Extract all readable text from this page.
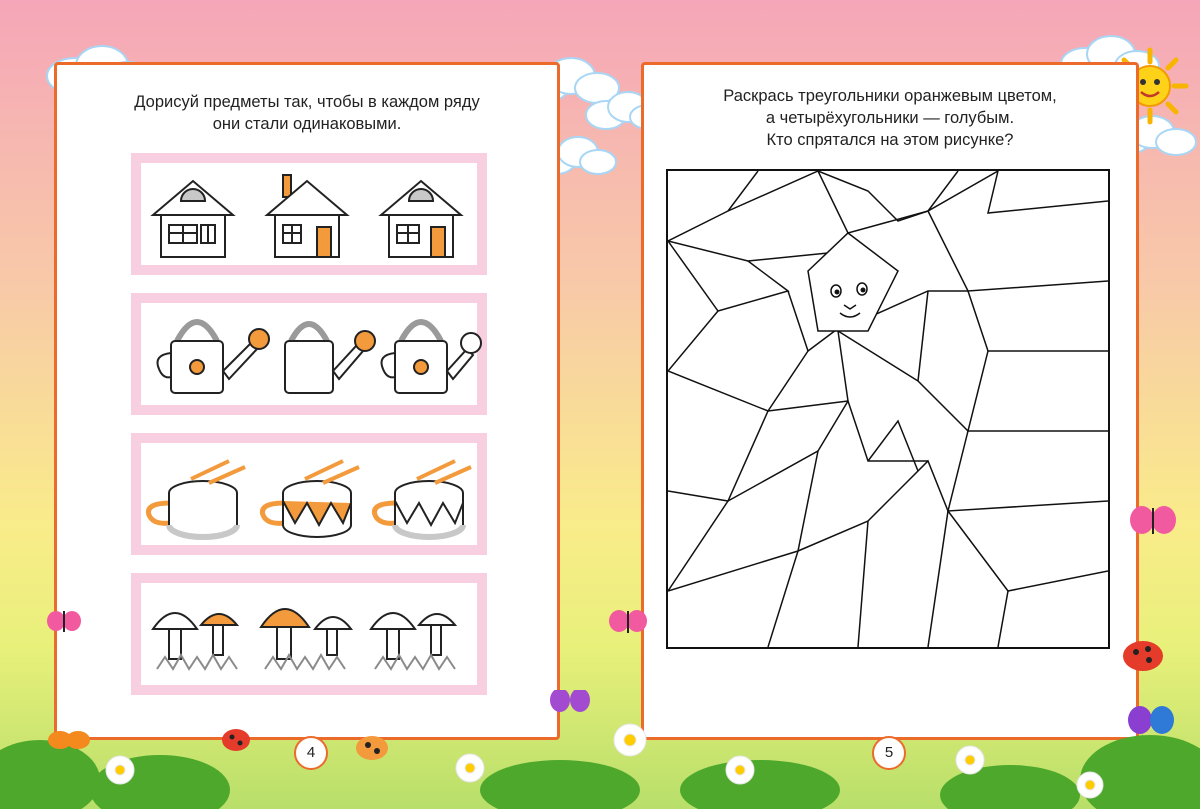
Дорисуй предметы так, чтобы в каждом ряду
они стали одинаковыми.
Раскрась треугольники оранжевым цветом,
а четырёхугольники — голубым.
Кто спрятался на этом рисунке?
4	5
